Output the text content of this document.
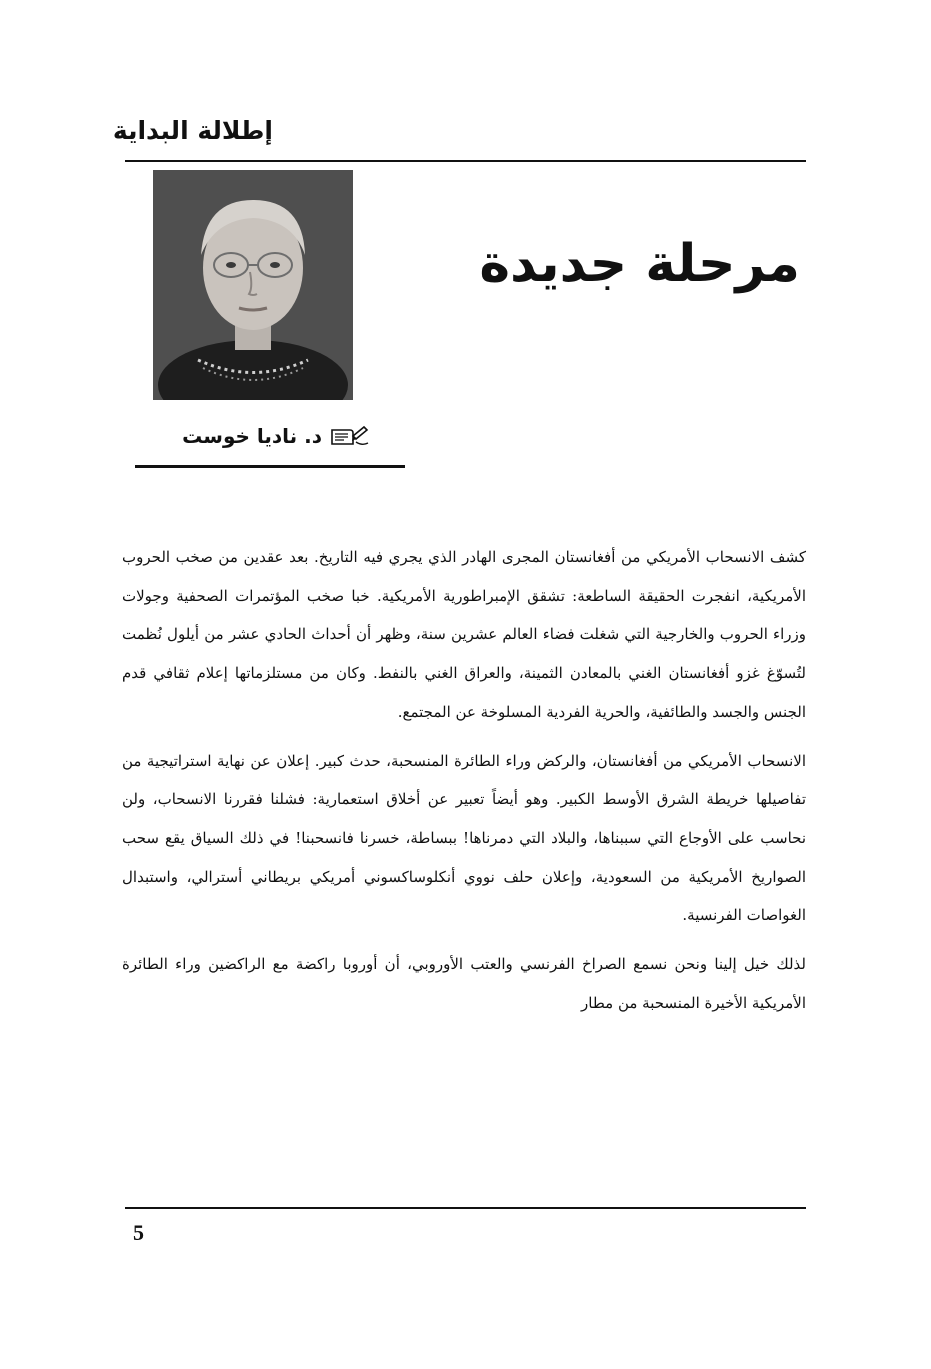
إطلالة البداية
مرحلة جديدة
د. ناديا خوست

كشف الانسحاب الأمريكي من أفغانستان المجرى الهادر الذي يجري فيه التاريخ. بعد عقدين من صخب الحروب الأمريكية، انفجرت الحقيقة الساطعة: تشقق الإمبراطورية الأمريكية. خبا صخب المؤتمرات الصحفية وجولات وزراء الحروب والخارجية التي شغلت فضاء العالم عشرين سنة، وظهر أن أحداث الحادي عشر من أيلول نُظمت لتُسوّغ غزو أفغانستان الغني بالمعادن الثمينة، والعراق الغني بالنفط. وكان من مستلزماتها إعلام ثقافي قدم الجنس والجسد والطائفية، والحرية الفردية المسلوخة عن المجتمع.

الانسحاب الأمريكي من أفغانستان، والركض وراء الطائرة المنسحبة، حدث كبير. إعلان عن نهاية استراتيجية من تفاصيلها خريطة الشرق الأوسط الكبير. وهو أيضاً تعبير عن أخلاق استعمارية: فشلنا فقررنا الانسحاب، ولن نحاسب على الأوجاع التي سببناها، والبلاد التي دمرناها! ببساطة، خسرنا فانسحبنا! في ذلك السياق يقع سحب الصواريخ الأمريكية من السعودية، وإعلان حلف نووي أنكلوساكسوني أمريكي بريطاني أسترالي، واستبدال الغواصات الفرنسية.

لذلك خيل إلينا ونحن نسمع الصراخ الفرنسي والعتب الأوروبي، أن أوروبا راكضة مع الراكضين وراء الطائرة الأمريكية الأخيرة المنسحبة من مطار

5
